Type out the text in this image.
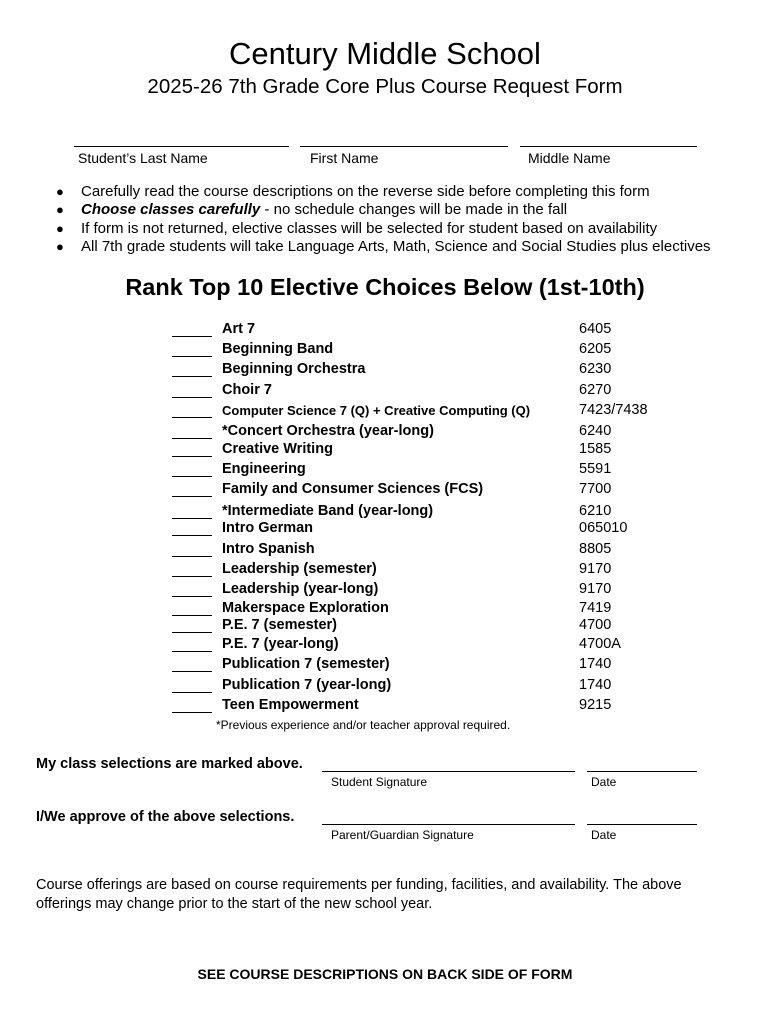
Century Middle School
2025-26 7th Grade Core Plus Course Request Form
Student’s Last Name	First Name	Middle Name
● Carefully read the course descriptions on the reverse side before completing this form
● Choose classes carefully - no schedule changes will be made in the fall
● If form is not returned, elective classes will be selected for student based on availability
● All 7th grade students will take Language Arts, Math, Science and Social Studies plus electives
Rank Top 10 Elective Choices Below (1st-10th)
Art 7	6405
Beginning Band	6205
Beginning Orchestra	6230
Choir 7	6270
Computer Science 7 (Q) + Creative Computing (Q)	7423/7438
*Concert Orchestra (year-long)	6240
Creative Writing	1585
Engineering	5591
Family and Consumer Sciences (FCS)	7700
*Intermediate Band (year-long)	6210
Intro German	065010
Intro Spanish	8805
Leadership (semester)	9170
Leadership (year-long)	9170
Makerspace Exploration	7419
P.E. 7 (semester)	4700
P.E. 7 (year-long)	4700A
Publication 7 (semester)	1740
Publication 7 (year-long)	1740
Teen Empowerment	9215
*Previous experience and/or teacher approval required.
My class selections are marked above.
Student Signature	Date
I/We approve of the above selections.
Parent/Guardian Signature	Date
Course offerings are based on course requirements per funding, facilities, and availability. The above offerings may change prior to the start of the new school year.
SEE COURSE DESCRIPTIONS ON BACK SIDE OF FORM
